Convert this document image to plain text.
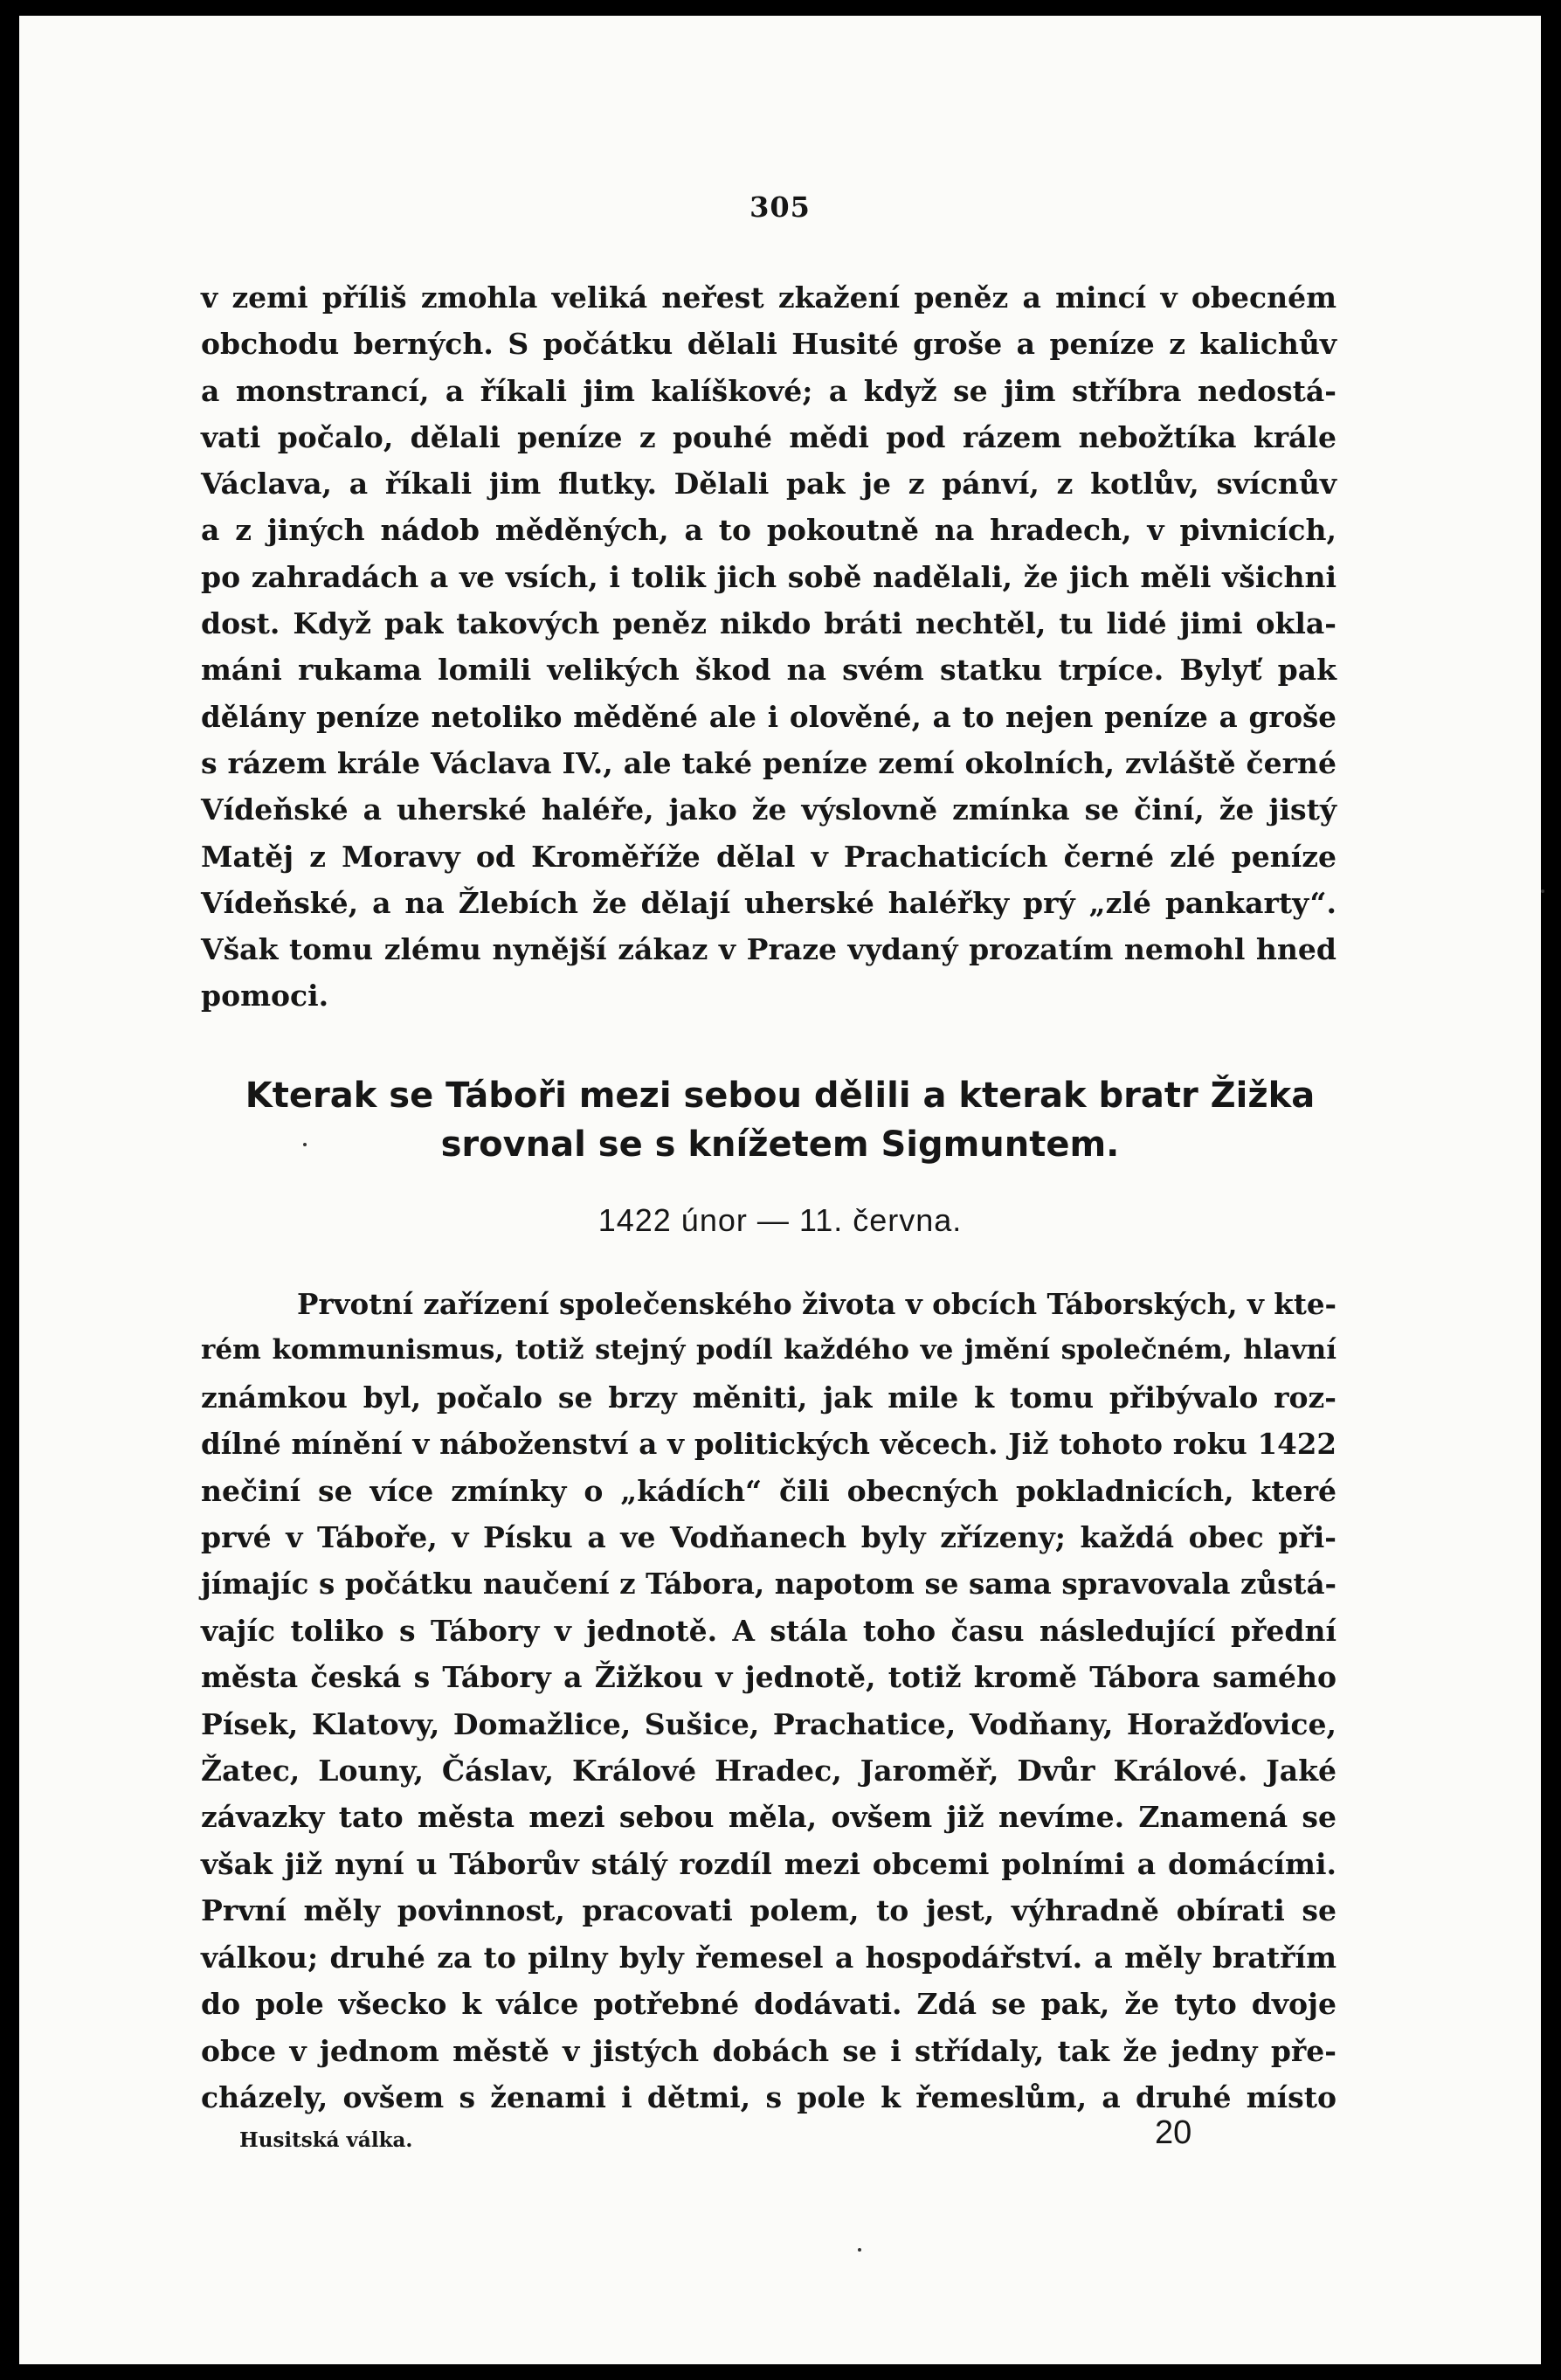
305
v zemi příliš zmohla veliká neřest zkažení peněz a mincí v obecném
obchodu berných. S počátku dělali Husité groše a peníze z kalichův
a monstrancí, a říkali jim kalíškové; a když se jim stříbra nedostá-
vati počalo, dělali peníze z pouhé mědi pod rázem nebožtíka krále
Václava, a říkali jim flutky. Dělali pak je z pánví, z kotlův, svícnův
a z jiných nádob měděných, a to pokoutně na hradech, v pivnicích,
po zahradách a ve vsích, i tolik jich sobě nadělali, že jich měli všichni
dost. Když pak takových peněz nikdo bráti nechtěl, tu lidé jimi okla-
máni rukama lomili velikých škod na svém statku trpíce. Bylyť pak
dělány peníze netoliko měděné ale i olověné, a to nejen peníze a groše
s rázem krále Václava IV., ale také peníze zemí okolních, zvláště černé
Vídeňské a uherské haléře, jako že výslovně zmínka se činí, že jistý
Matěj z Moravy od Kroměříže dělal v Prachaticích černé zlé peníze
Vídeňské, a na Žlebích že dělají uherské haléřky prý „zlé pankarty“.
Však tomu zlému nynější zákaz v Praze vydaný prozatím nemohl hned
pomoci.
Kterak se Táboři mezi sebou dělili a kterak bratr Žižka
srovnal se s knížetem Sigmuntem.
1422 únor — 11. června.
Prvotní zařízení společenského života v obcích Táborských, v kte-
rém kommunismus, totiž stejný podíl každého ve jmění společném, hlavní
známkou byl, počalo se brzy měniti, jak mile k tomu přibývalo roz-
dílné mínění v náboženství a v politických věcech. Již tohoto roku 1422
nečiní se více zmínky o „kádích“ čili obecných pokladnicích, které
prvé v Táboře, v Písku a ve Vodňanech byly zřízeny; každá obec při-
jímajíc s počátku naučení z Tábora, napotom se sama spravovala zůstá-
vajíc toliko s Tábory v jednotě. A stála toho času následující přední
města česká s Tábory a Žižkou v jednotě, totiž kromě Tábora samého
Písek, Klatovy, Domažlice, Sušice, Prachatice, Vodňany, Horažďovice,
Žatec, Louny, Čáslav, Králové Hradec, Jaroměř, Dvůr Králové. Jaké
závazky tato města mezi sebou měla, ovšem již nevíme. Znamená se
však již nyní u Táborův stálý rozdíl mezi obcemi polními a domácími.
První měly povinnost, pracovati polem, to jest, výhradně obírati se
válkou; druhé za to pilny byly řemesel a hospodářství. a měly bratřím
do pole všecko k válce potřebné dodávati. Zdá se pak, že tyto dvoje
obce v jednom městě v jistých dobách se i střídaly, tak že jedny pře-
cházely, ovšem s ženami i dětmi, s pole k řemeslům, a druhé místo
Husitská válka.	20
